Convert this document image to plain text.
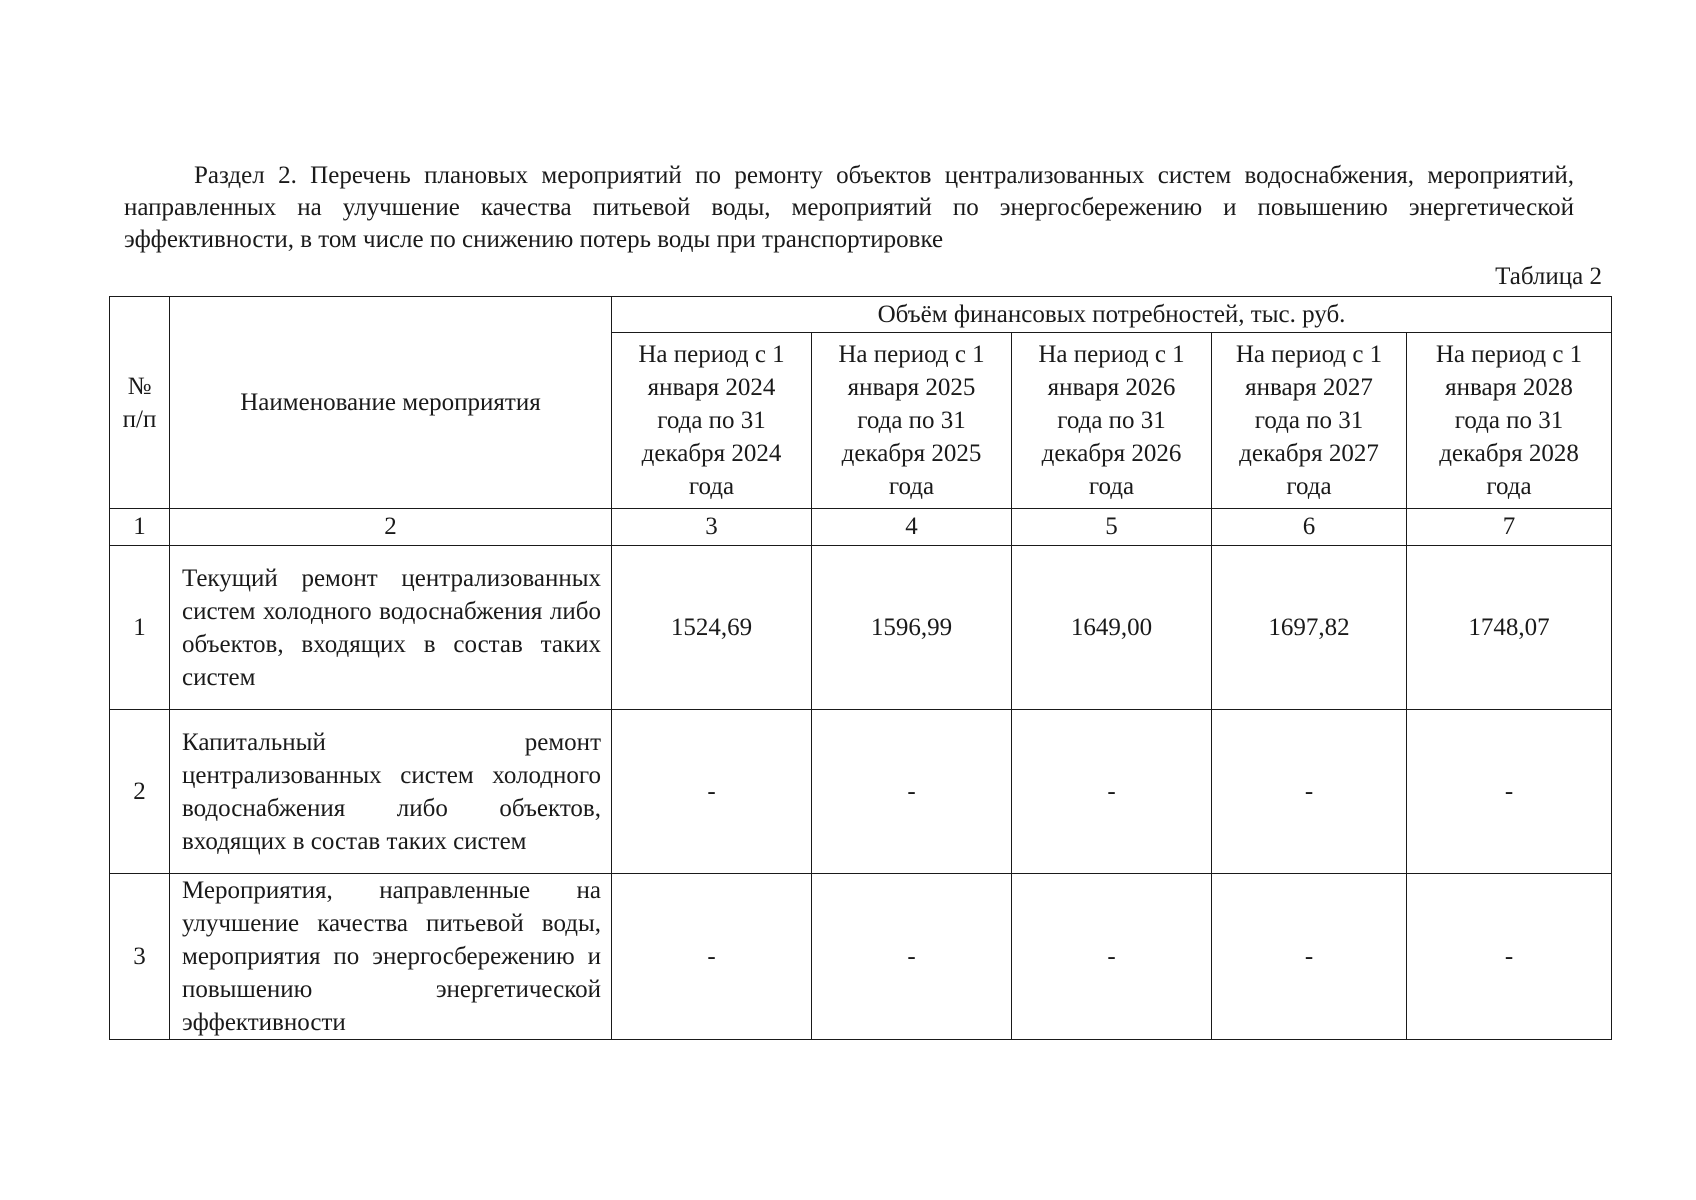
Раздел 2. Перечень плановых мероприятий по ремонту объектов централизованных систем водоснабжения, мероприятий, направленных на улучшение качества питьевой воды, мероприятий по энергосбережению и повышению энергетической эффективности, в том числе по снижению потерь воды при транспортировке

Таблица 2
№ п/п	Наименование мероприятия	Объём финансовых потребностей, тыс. руб.				
		На период с 1 января 2024 года по 31 декабря 2024 года	На период с 1 января 2025 года по 31 декабря 2025 года	На период с 1 января 2026 года по 31 декабря 2026 года	На период с 1 января 2027 года по 31 декабря 2027 года	На период с 1 января 2028 года по 31 декабря 2028 года
1	2	3	4	5	6	7
1	Текущий ремонт централизованных систем холодного водоснабжения либо объектов, входящих в состав таких систем	1524,69	1596,99	1649,00	1697,82	1748,07
2	Капитальный ремонт централизованных систем холодного водоснабжения либо объектов, входящих в состав таких систем	-	-	-	-	-
3	Мероприятия, направленные на улучшение качества питьевой воды, мероприятия по энергосбережению и повышению энергетической эффективности	-	-	-	-	-
